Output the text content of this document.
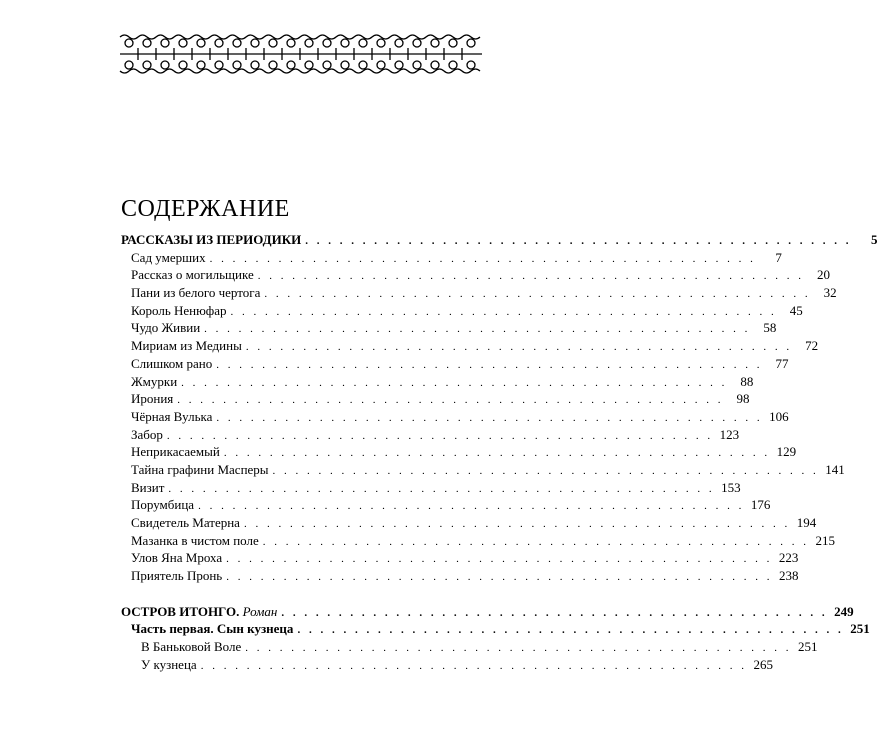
СОДЕРЖАНИЕ
РАССКАЗЫ ИЗ ПЕРИОДИКИ . . . . . . . . . . . . . . . . . . . . . . . . . . . . . . . . . . . . . . . . . . . . . . . .	5
Сад умерших . . . . . . . . . . . . . . . . . . . . . . . . . . . . . . . . . . . . . . . . . . . . . . . .	7
Рассказ о могильщике . . . . . . . . . . . . . . . . . . . . . . . . . . . . . . . . . . . . . . . . . . . . . . . .	20
Пани из белого чертога . . . . . . . . . . . . . . . . . . . . . . . . . . . . . . . . . . . . . . . . . . . . . . . .	32
Король Ненюфар . . . . . . . . . . . . . . . . . . . . . . . . . . . . . . . . . . . . . . . . . . . . . . . .	45
Чудо Живии . . . . . . . . . . . . . . . . . . . . . . . . . . . . . . . . . . . . . . . . . . . . . . . .	58
Мириам из Медины . . . . . . . . . . . . . . . . . . . . . . . . . . . . . . . . . . . . . . . . . . . . . . . .	72
Слишком рано . . . . . . . . . . . . . . . . . . . . . . . . . . . . . . . . . . . . . . . . . . . . . . . .	77
Жмурки . . . . . . . . . . . . . . . . . . . . . . . . . . . . . . . . . . . . . . . . . . . . . . . .	88
Ирония . . . . . . . . . . . . . . . . . . . . . . . . . . . . . . . . . . . . . . . . . . . . . . . .	98
Чёрная Вулька . . . . . . . . . . . . . . . . . . . . . . . . . . . . . . . . . . . . . . . . . . . . . . . . 106
Забор . . . . . . . . . . . . . . . . . . . . . . . . . . . . . . . . . . . . . . . . . . . . . . . . 123
Неприкасаемый . . . . . . . . . . . . . . . . . . . . . . . . . . . . . . . . . . . . . . . . . . . . . . . . 129
Тайна графини Масперы . . . . . . . . . . . . . . . . . . . . . . . . . . . . . . . . . . . . . . . . . . . . . . . . 141
Визит . . . . . . . . . . . . . . . . . . . . . . . . . . . . . . . . . . . . . . . . . . . . . . . . 153
Порумбица . . . . . . . . . . . . . . . . . . . . . . . . . . . . . . . . . . . . . . . . . . . . . . . . 176
Свидетель Матерна . . . . . . . . . . . . . . . . . . . . . . . . . . . . . . . . . . . . . . . . . . . . . . . . 194
Мазанка в чистом поле . . . . . . . . . . . . . . . . . . . . . . . . . . . . . . . . . . . . . . . . . . . . . . . . 215
Улов Яна Мроха . . . . . . . . . . . . . . . . . . . . . . . . . . . . . . . . . . . . . . . . . . . . . . . . 223
Приятель Пронь . . . . . . . . . . . . . . . . . . . . . . . . . . . . . . . . . . . . . . . . . . . . . . . . 238
ОСТРОВ ИТОНГО. Роман . . . . . . . . . . . . . . . . . . . . . . . . . . . . . . . . . . . . . . . . . . . . . . . . 249
Часть первая. Сын кузнеца . . . . . . . . . . . . . . . . . . . . . . . . . . . . . . . . . . . . . . . . . . . . . . . . 251
В Баньковой Воле . . . . . . . . . . . . . . . . . . . . . . . . . . . . . . . . . . . . . . . . . . . . . . . . 251
У кузнеца . . . . . . . . . . . . . . . . . . . . . . . . . . . . . . . . . . . . . . . . . . . . . . . . 265
